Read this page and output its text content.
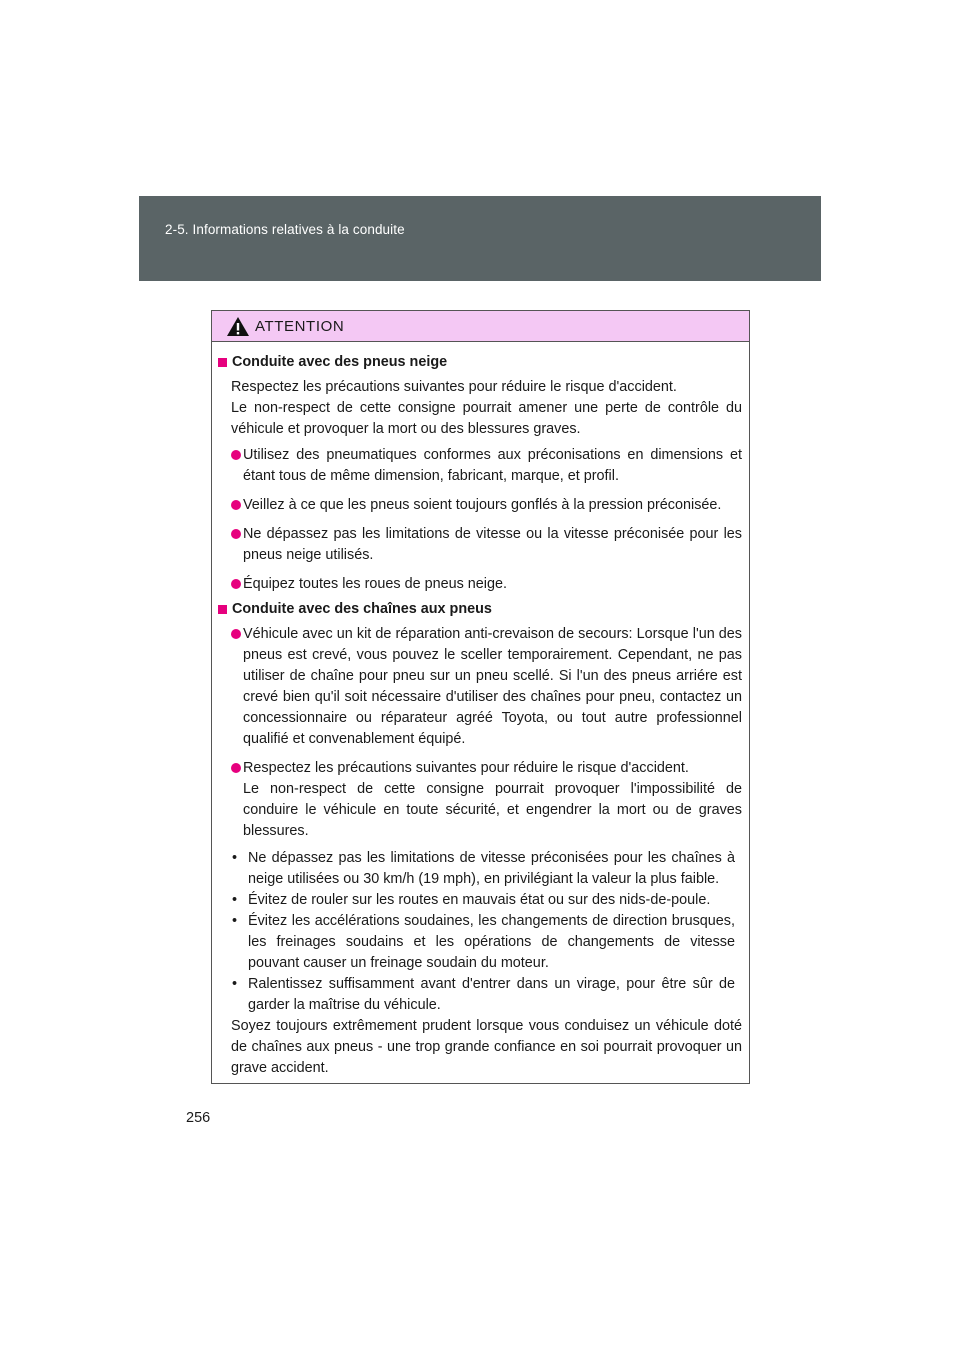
2-5. Informations relatives à la conduite
ATTENTION
Conduite avec des pneus neige
Respectez les précautions suivantes pour réduire le risque d'accident.
Le non-respect de cette consigne pourrait amener une perte de contrôle du véhicule et provoquer la mort ou des blessures graves.
Utilisez des pneumatiques conformes aux préconisations en dimensions et étant tous de même dimension, fabricant, marque, et profil.
Veillez à ce que les pneus soient toujours gonflés à la pression préconisée.
Ne dépassez pas les limitations de vitesse ou la vitesse préconisée pour les pneus neige utilisés.
Équipez toutes les roues de pneus neige.
Conduite avec des chaînes aux pneus
Véhicule avec un kit de réparation anti-crevaison de secours: Lorsque l'un des pneus est crevé, vous pouvez le sceller temporairement. Cependant, ne pas utiliser de chaîne pour pneu sur un pneu scellé. Si l'un des pneus arriére est crevé bien qu'il soit nécessaire d'utiliser des chaînes pour pneu, contactez un concessionnaire ou réparateur agréé Toyota, ou tout autre professionnel qualifié et convenablement équipé.
Respectez les précautions suivantes pour réduire le risque d'accident.
Le non-respect de cette consigne pourrait provoquer l'impossibilité de conduire le véhicule en toute sécurité, et engendrer la mort ou de graves blessures.
• Ne dépassez pas les limitations de vitesse préconisées pour les chaînes à neige utilisées ou 30 km/h (19 mph), en privilégiant la valeur la plus faible.
• Évitez de rouler sur les routes en mauvais état ou sur des nids-de-poule.
• Évitez les accélérations soudaines, les changements de direction brusques, les freinages soudains et les opérations de changements de vitesse pouvant causer un freinage soudain du moteur.
• Ralentissez suffisamment avant d'entrer dans un virage, pour être sûr de garder la maîtrise du véhicule.
Soyez toujours extrêmement prudent lorsque vous conduisez un véhicule doté de chaînes aux pneus - une trop grande confiance en soi pourrait provoquer un grave accident.
256
